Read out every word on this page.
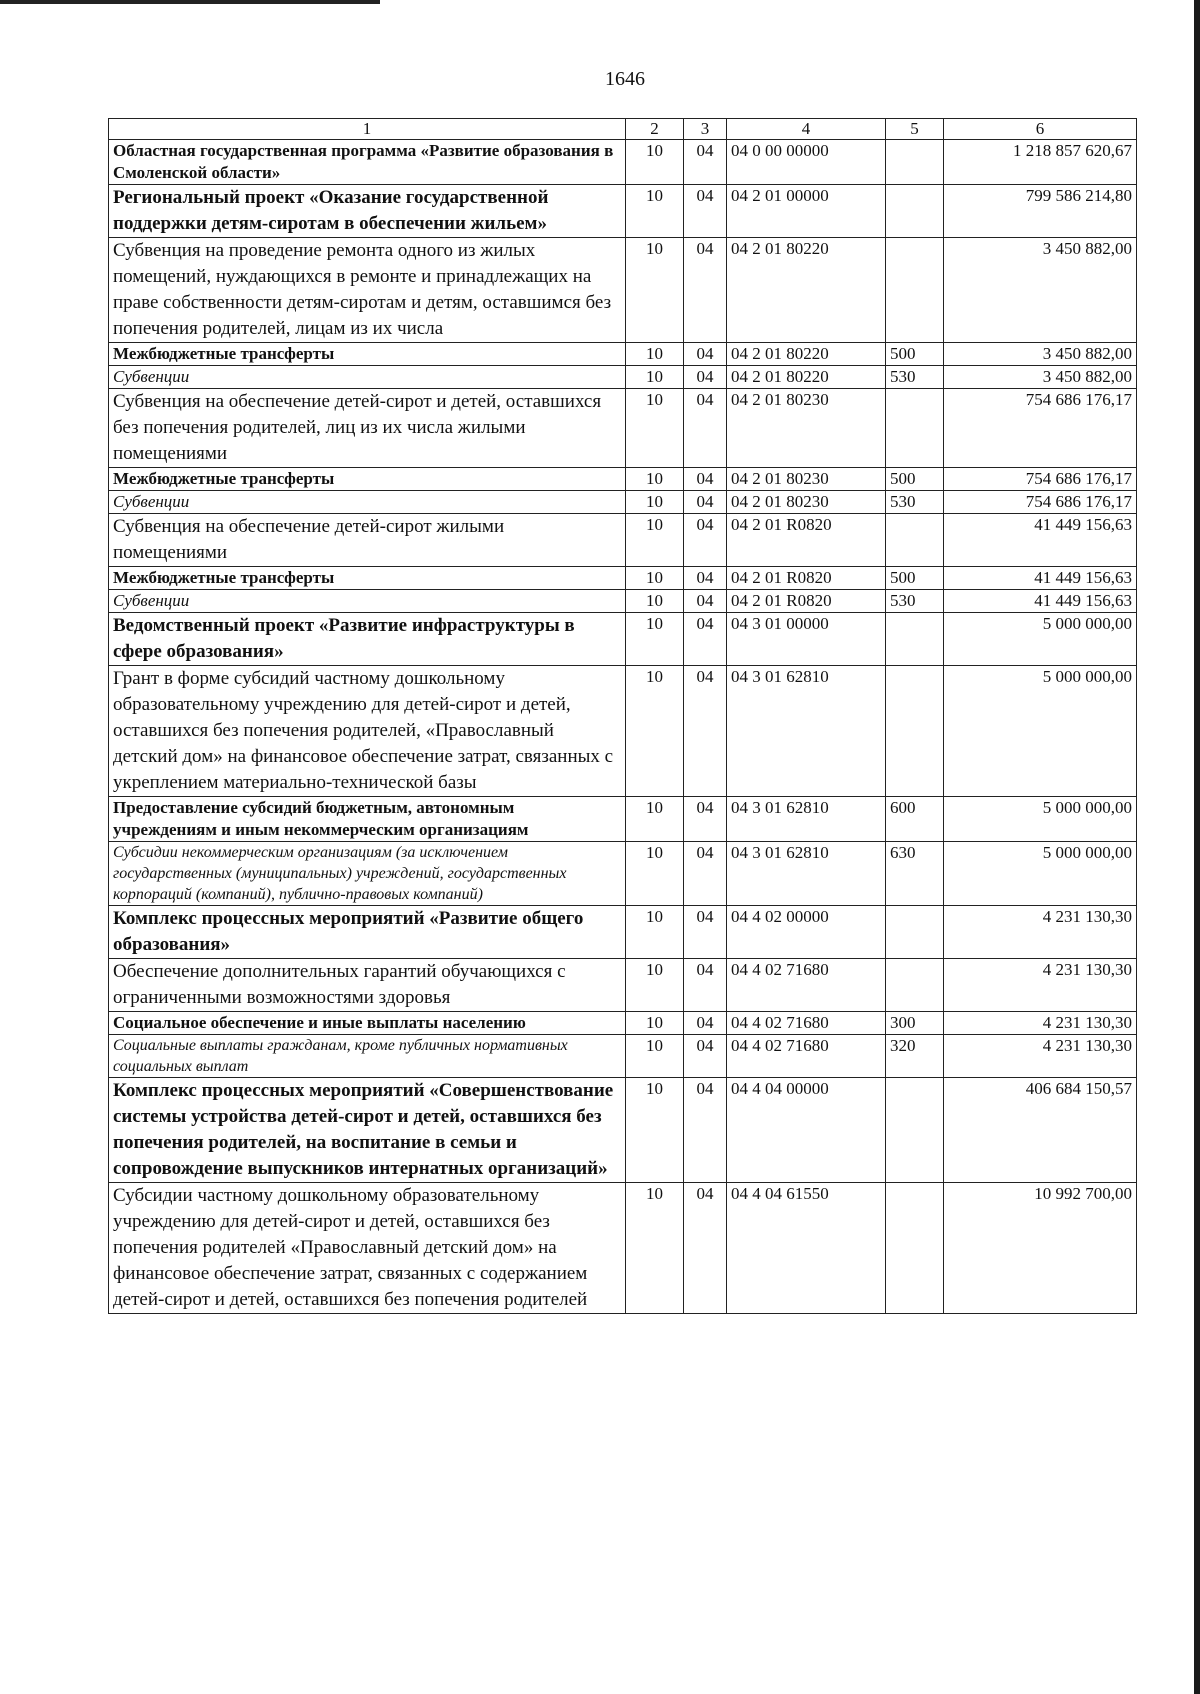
1646
1	2	3	4	5	6
Областная государственная программа «Развитие образования в Смоленской области»	10	04	04 0 00 00000		1 218 857 620,67
Региональный проект «Оказание государственной поддержки детям-сиротам в обеспечении жильем»	10	04	04 2 01 00000		799 586 214,80
Субвенция на проведение ремонта одного из жилых помещений, нуждающихся в ремонте и принадлежащих на праве собственности детям-сиротам и детям, оставшимся без попечения родителей, лицам из их числа	10	04	04 2 01 80220		3 450 882,00
Межбюджетные трансферты	10	04	04 2 01 80220	500	3 450 882,00
Субвенции	10	04	04 2 01 80220	530	3 450 882,00
Субвенция на обеспечение детей-сирот и детей, оставшихся без попечения родителей, лиц из их числа жилыми помещениями	10	04	04 2 01 80230		754 686 176,17
Межбюджетные трансферты	10	04	04 2 01 80230	500	754 686 176,17
Субвенции	10	04	04 2 01 80230	530	754 686 176,17
Субвенция на обеспечение детей-сирот жилыми помещениями	10	04	04 2 01 R0820		41 449 156,63
Межбюджетные трансферты	10	04	04 2 01 R0820	500	41 449 156,63
Субвенции	10	04	04 2 01 R0820	530	41 449 156,63
Ведомственный проект «Развитие инфраструктуры в сфере образования»	10	04	04 3 01 00000		5 000 000,00
Грант в форме субсидий частному дошкольному образовательному учреждению для детей-сирот и детей, оставшихся без попечения родителей, «Православный детский дом» на финансовое обеспечение затрат, связанных с укреплением материально-технической базы	10	04	04 3 01 62810		5 000 000,00
Предоставление субсидий бюджетным, автономным учреждениям и иным некоммерческим организациям	10	04	04 3 01 62810	600	5 000 000,00
Субсидии некоммерческим организациям (за исключением государственных (муниципальных) учреждений, государственных корпораций (компаний), публично-правовых компаний)	10	04	04 3 01 62810	630	5 000 000,00
Комплекс процессных мероприятий «Развитие общего образования»	10	04	04 4 02 00000		4 231 130,30
Обеспечение дополнительных гарантий обучающихся с ограниченными возможностями здоровья	10	04	04 4 02 71680		4 231 130,30
Социальное обеспечение и иные выплаты населению	10	04	04 4 02 71680	300	4 231 130,30
Социальные выплаты гражданам, кроме публичных нормативных социальных выплат	10	04	04 4 02 71680	320	4 231 130,30
Комплекс процессных мероприятий «Совершенствование системы устройства детей-сирот и детей, оставшихся без попечения родителей, на воспитание в семьи и сопровождение выпускников интернатных организаций»	10	04	04 4 04 00000		406 684 150,57
Субсидии частному дошкольному образовательному учреждению для детей-сирот и детей, оставшихся без попечения родителей «Православный детский дом» на финансовое обеспечение затрат, связанных с содержанием детей-сирот и детей, оставшихся без попечения родителей	10	04	04 4 04 61550		10 992 700,00
